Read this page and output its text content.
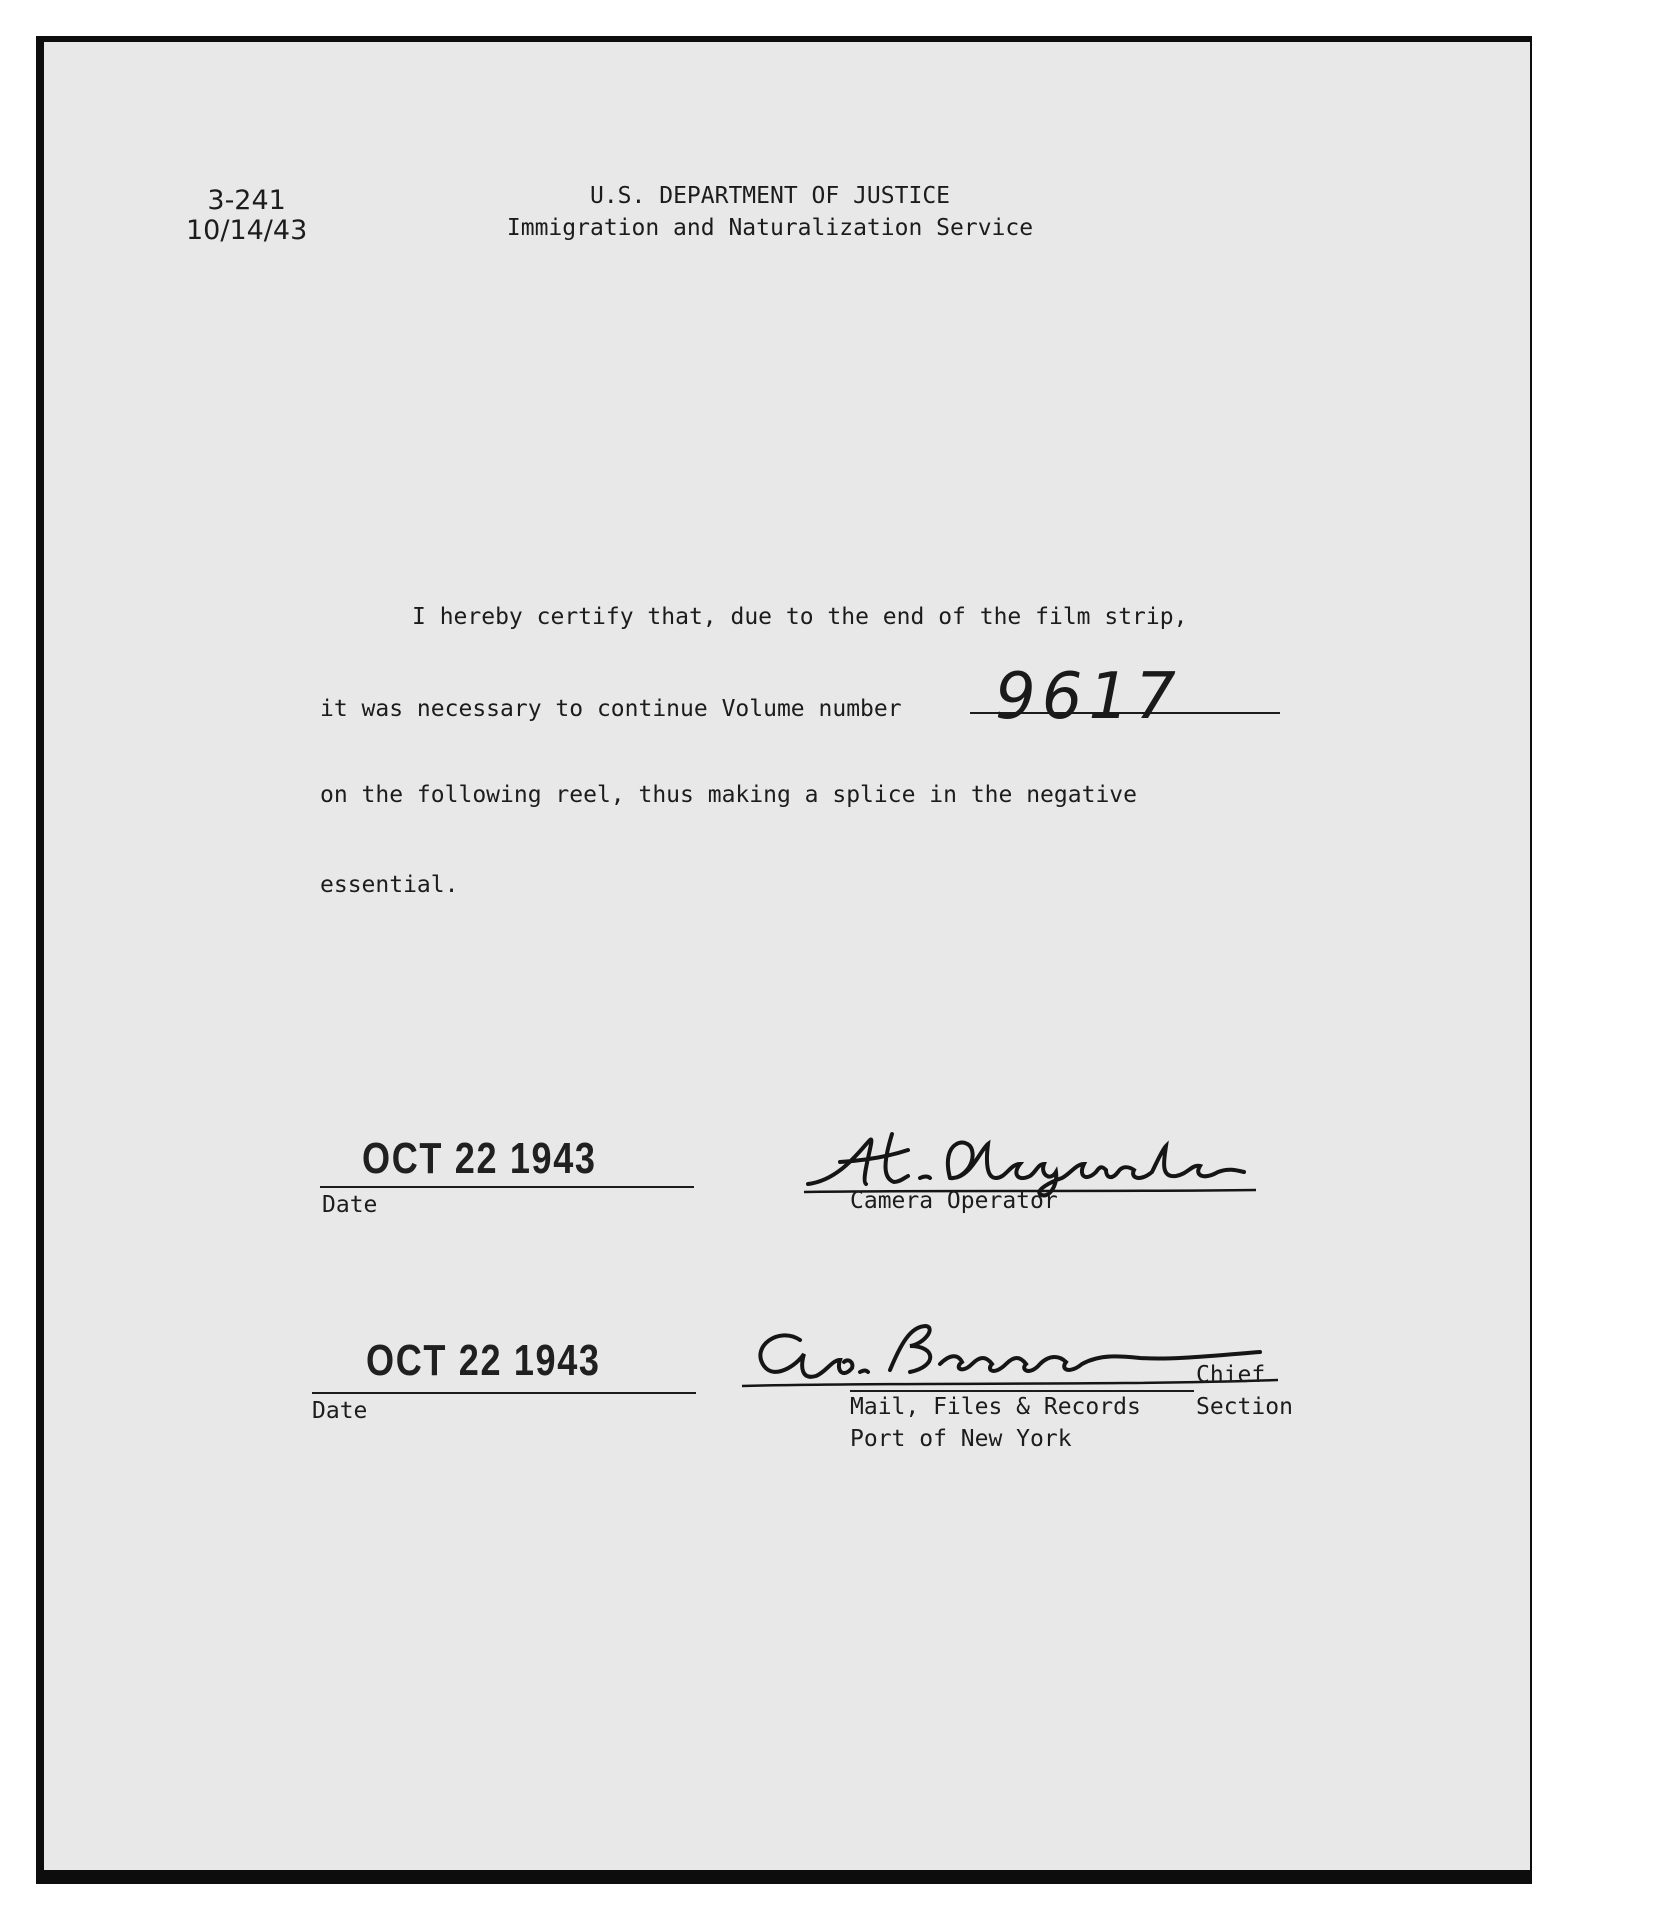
3-241
10/14/43
U.S. DEPARTMENT OF JUSTICE
Immigration and Naturalization Service
I hereby certify that, due to the end of the film strip,
it was necessary to continue Volume number 9617
on the following reel, thus making a splice in the negative
essential.
OCT 22 1943
Date	Camera Operator
OCT 22 1943
Date
Chief
Mail, Files & Records Section
Port of New York
